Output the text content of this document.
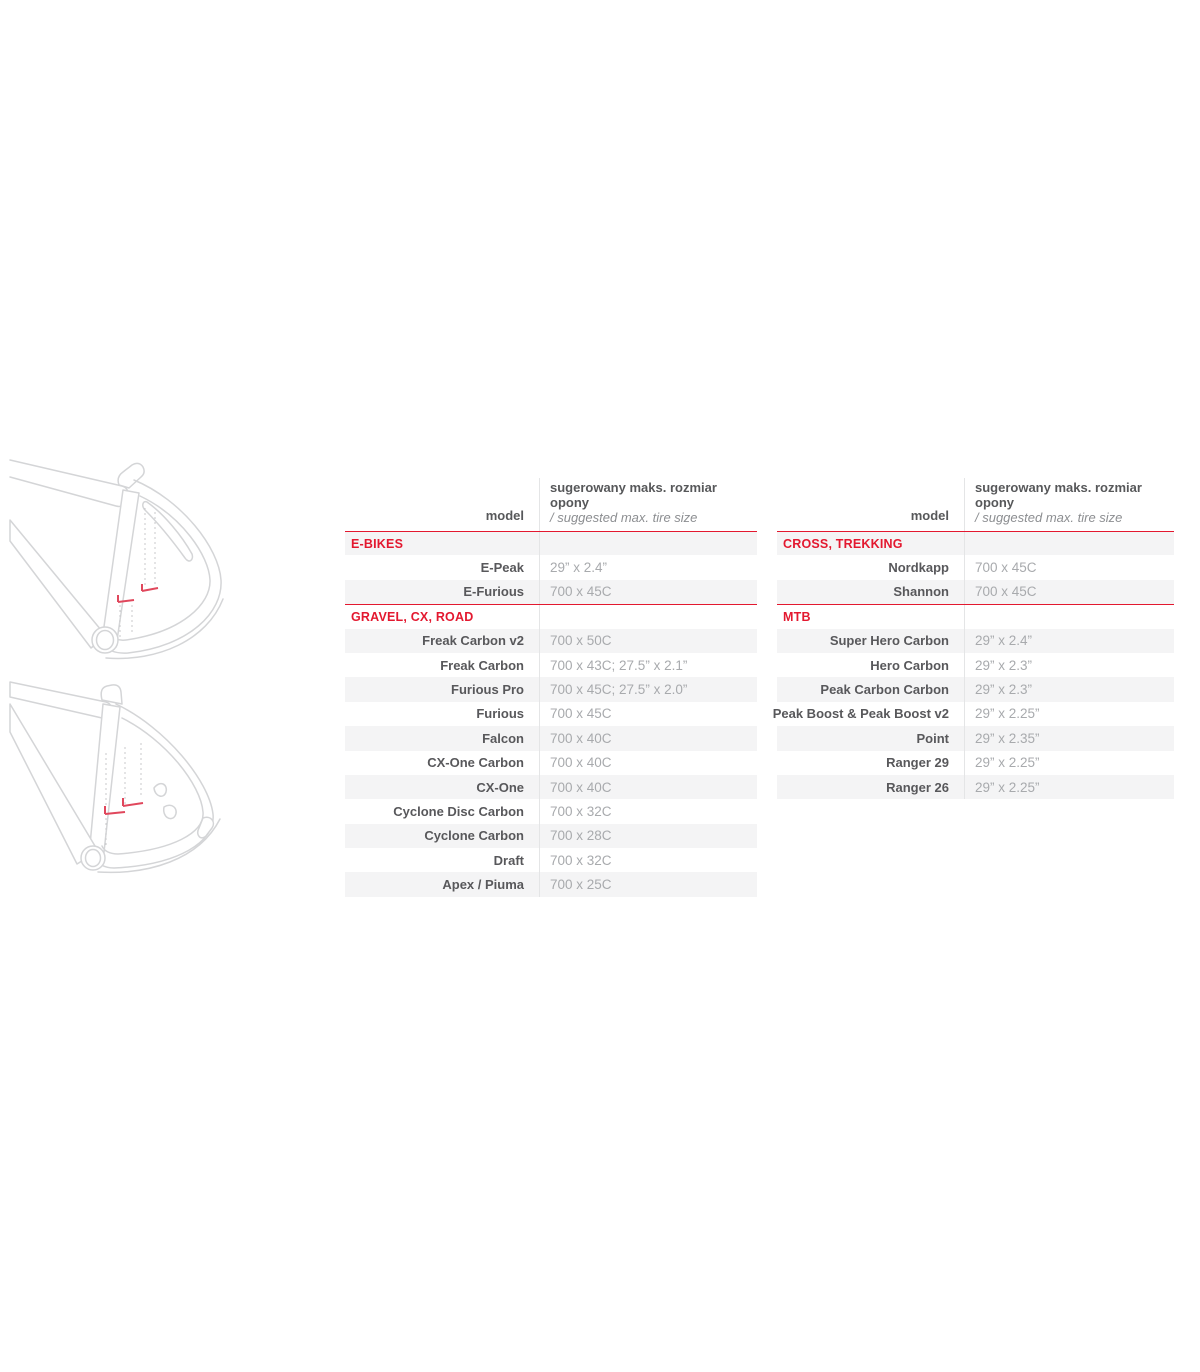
model
sugerowany maks. rozmiar opony
/ suggested max. tire size
E-BIKES
E-Peak	29” x 2.4”
E-Furious	700 x 45C
GRAVEL, CX, ROAD
Freak Carbon v2	700 x 50C
Freak Carbon	700 x 43C; 27.5” x 2.1”
Furious Pro	700 x 45C; 27.5” x 2.0”
Furious	700 x 45C
Falcon	700 x 40C
CX-One Carbon	700 x 40C
CX-One	700 x 40C
Cyclone Disc Carbon	700 x 32C
Cyclone Carbon	700 x 28C
Draft	700 x 32C
Apex / Piuma	700 x 25C
model
sugerowany maks. rozmiar opony
/ suggested max. tire size
CROSS, TREKKING
Nordkapp	700 x 45C
Shannon	700 x 45C
MTB
Super Hero Carbon	29” x 2.4”
Hero Carbon	29” x 2.3”
Peak Carbon Carbon	29” x 2.3”
Peak Boost & Peak Boost v2	29” x 2.25”
Point	29” x 2.35”
Ranger 29	29” x 2.25”
Ranger 26	29” x 2.25”
